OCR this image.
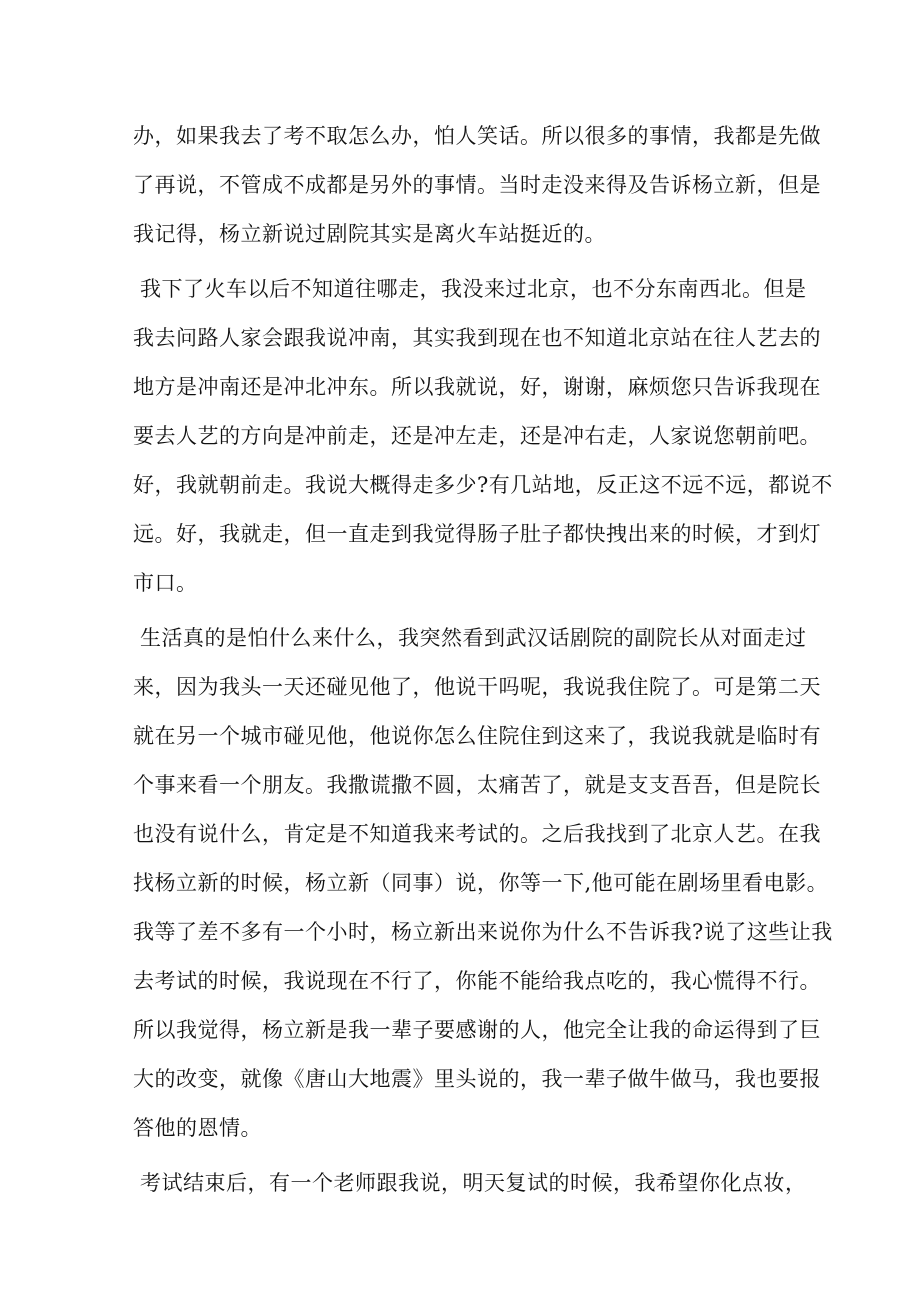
办，如果我去了考不取怎么办，怕人笑话。所以很多的事情，我都是先做
了再说，不管成不成都是另外的事情。当时走没来得及告诉杨立新，但是
我记得，杨立新说过剧院其实是离火车站挺近的。
我下了火车以后不知道往哪走，我没来过北京，也不分东南西北。但是
我去问路人家会跟我说冲南，其实我到现在也不知道北京站在往人艺去的
地方是冲南还是冲北冲东。所以我就说，好，谢谢，麻烦您只告诉我现在
要去人艺的方向是冲前走，还是冲左走，还是冲右走，人家说您朝前吧。
好，我就朝前走。我说大概得走多少?有几站地，反正这不远不远，都说不
远。好，我就走，但一直走到我觉得肠子肚子都快拽出来的时候，才到灯
市口。
生活真的是怕什么来什么，我突然看到武汉话剧院的副院长从对面走过
来，因为我头一天还碰见他了，他说干吗呢，我说我住院了。可是第二天
就在另一个城市碰见他，他说你怎么住院住到这来了，我说我就是临时有
个事来看一个朋友。我撒谎撒不圆，太痛苦了，就是支支吾吾，但是院长
也没有说什么，肯定是不知道我来考试的。之后我找到了北京人艺。在我
找杨立新的时候，杨立新（同事）说，你等一下,他可能在剧场里看电影。
我等了差不多有一个小时，杨立新出来说你为什么不告诉我?说了这些让我
去考试的时候，我说现在不行了，你能不能给我点吃的，我心慌得不行。
所以我觉得，杨立新是我一辈子要感谢的人，他完全让我的命运得到了巨
大的改变，就像《唐山大地震》里头说的，我一辈子做牛做马，我也要报
答他的恩情。
考试结束后，有一个老师跟我说，明天复试的时候，我希望你化点妆，
